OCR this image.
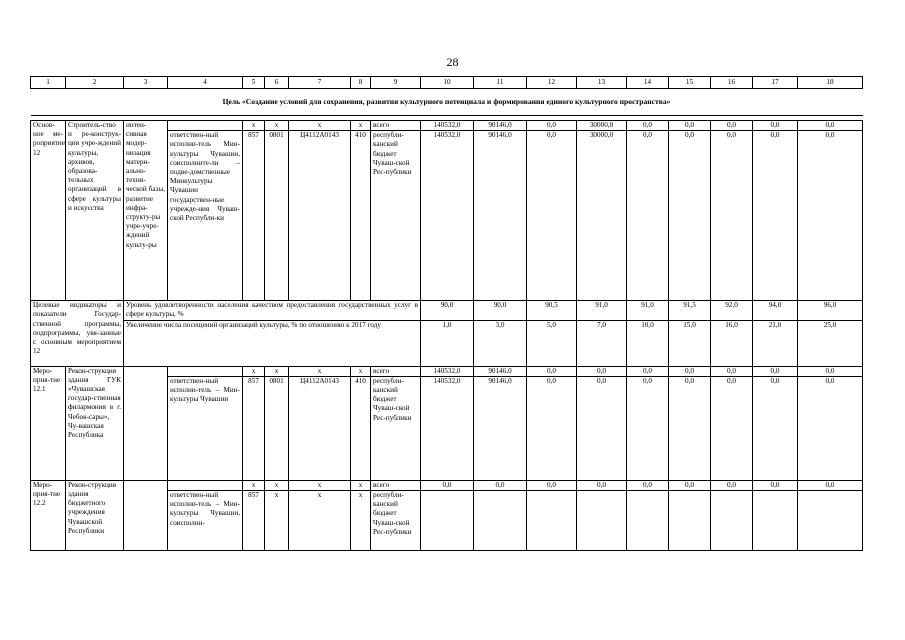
28
1	2	3	4	5	6	7	8	9	10	11	12	13	14	15	16	17	18
Цель «Создание условий для сохранения, развития культурного потенциала и формирования единого культурного пространства»																	

Основ-ное ме-роприятие 12	Строитель-ство и ре-конструк-ция учре-ждений культуры, архивов, образова-тельных организаций в сфере культуры и искусства	интен-сивная модер-низация матери-ально-техни-ческой базы, развитие инфра-структу-ры учре-учре-ждений культу-ры		х	х	х	х	всего	140532,0	90146,0	0,0	30000,0	0,0	0,0	0,0	0,0	0,0
			ответствен-ный исполни-тель Мин-культуры Чувашии, соисполните-ли – подве-домственные Минкультуры Чувашии государствен-ные учрежде-ния Чуваш-ской Республи-ки	857	0801	Ц4112А0143	410	республи-канский бюджет Чуваш-ской Рес-публики	140532,0	90146,0	0,0	30000,0	0,0	0,0	0,0	0,0	0,0
Целевые индикаторы и показатели Государ-ственной программы, подпрограммы, увя-занные с основным мероприятием 12		Уровень удовлетворенности населения качеством предоставления государственных услуг в сфере культуры, %							90,0	90,0	90,5	91,0	91,0	91,5	92,0	94,0	96,0
		Увеличение числа посещений организаций культуры, % по отношению к 2017 году							1,0	3,0	5,0	7,0	10,0	15,0	16,0	21,0	25,0
Меро-прия-тие 12.1	Рекон-струкция здания ГУК «Чувашская государ-ственная филармония в г. Чебок-сары», Чу-вашская Республика			х	х	х	х	всего	140532,0	90146,0	0,0	0,0	0,0	0,0	0,0	0,0	0,0
			ответствен-ный исполни-тель – Мин-культуры Чувашии	857	0801	Ц4112А0143	410	республи-канский бюджет Чуваш-ской Рес-публики	140532,0	90146,0	0,0	0,0	0,0	0,0	0,0	0,0	0,0
Меро-прия-тие 12.2	Рекон-струкция здания бюджетного учреждения Чувашской Республики			х	х	х	х	всего	0,0	0,0	0,0	0,0	0,0	0,0	0,0	0,0	0,0
			ответствен-ный исполни-тель – Мин-культуры Чувашии, соисполни-	857	х	х	х	республи-канский бюджет Чуваш-ской Рес-публики									
